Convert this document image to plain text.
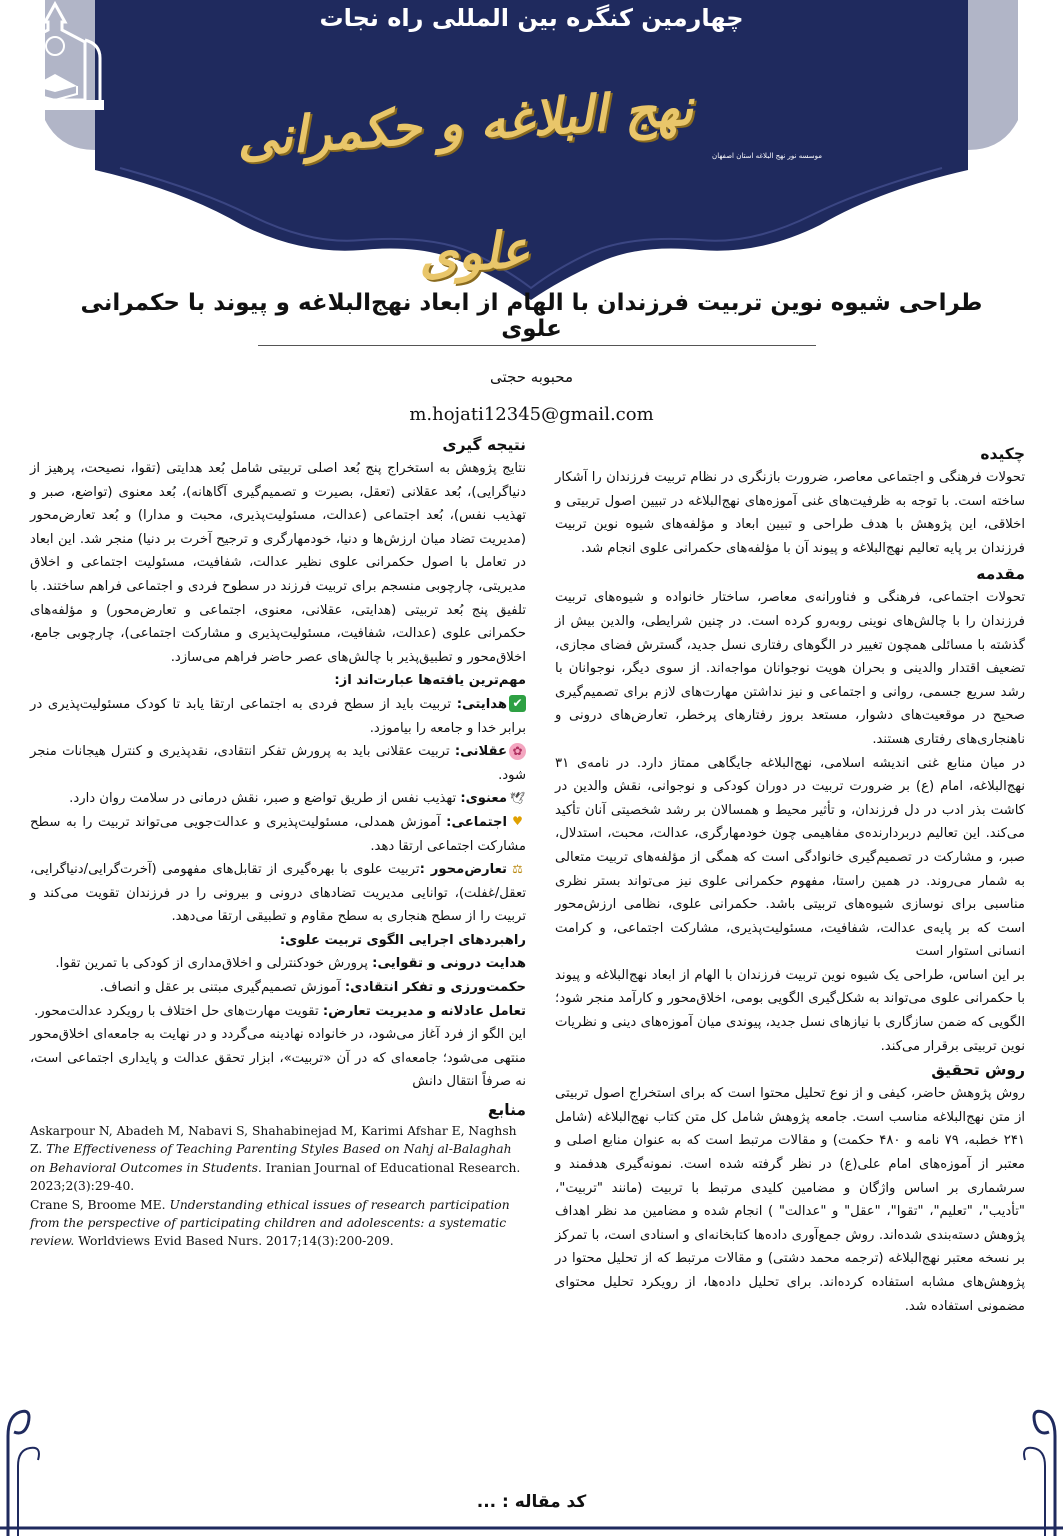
چهارمین کنگره بین المللی راه نجات
نهج البلاغه و حکمرانی علوی
موسسه نور نهج البلاغه استان اصفهان
طراحی شیوه نوین تربیت فرزندان با الهام از ابعاد نهج‌البلاغه و پیوند با حکمرانی علوی
محبوبه حجتی
m.hojati12345@gmail.com
چکیده

تحولات فرهنگی و اجتماعی معاصر، ضرورت بازنگری در نظام تربیت فرزندان را آشکار ساخته است. با توجه به ظرفیت‌های غنی آموزه‌های نهج‌البلاغه در تبیین اصول تربیتی و اخلاقی، این پژوهش با هدف طراحی و تبیین ابعاد و مؤلفه‌های شیوه نوین تربیت فرزندان بر پایه تعالیم نهج‌البلاغه و پیوند آن با مؤلفه‌های حکمرانی علوی انجام شد.

مقدمه

تحولات اجتماعی، فرهنگی و فناورانه‌ی معاصر، ساختار خانواده و شیوه‌های تربیت فرزندان را با چالش‌های نوینی روبه‌رو کرده است. در چنین شرایطی، والدین بیش از گذشته با مسائلی همچون تغییر در الگوهای رفتاری نسل جدید، گسترش فضای مجازی، تضعیف اقتدار والدینی و بحران هویت نوجوانان مواجه‌اند. از سوی دیگر، نوجوانان با رشد سریع جسمی، روانی و اجتماعی و نیز نداشتن مهارت‌های لازم برای تصمیم‌گیری صحیح در موقعیت‌های دشوار، مستعد بروز رفتارهای پرخطر، تعارض‌های درونی و ناهنجاری‌های رفتاری هستند.

در میان منابع غنی اندیشه اسلامی، نهج‌البلاغه جایگاهی ممتاز دارد. در نامه‌ی ۳۱ نهج‌البلاغه، امام (ع) بر ضرورت تربیت در دوران کودکی و نوجوانی، نقش والدین در کاشت بذر ادب در دل فرزندان، و تأثیر محیط و همسالان بر رشد شخصیتی آنان تأکید می‌کند. این تعالیم دربردارنده‌ی مفاهیمی چون خودمهارگری، عدالت، محبت، استدلال، صبر، و مشارکت در تصمیم‌گیری خانوادگی است که همگی از مؤلفه‌های تربیت متعالی به شمار می‌روند. در همین راستا، مفهوم حکمرانی علوی نیز می‌تواند بستر نظری مناسبی برای نوسازی شیوه‌های تربیتی باشد. حکمرانی علوی، نظامی ارزش‌محور است که بر پایه‌ی عدالت، شفافیت، مسئولیت‌پذیری، مشارکت اجتماعی، و کرامت انسانی استوار است

بر این اساس، طراحی یک شیوه نوین تربیت فرزندان با الهام از ابعاد نهج‌البلاغه و پیوند با حکمرانی علوی می‌تواند به شکل‌گیری الگویی بومی، اخلاق‌محور و کارآمد منجر شود؛ الگویی که ضمن سازگاری با نیازهای نسل جدید، پیوندی میان آموزه‌های دینی و نظریات نوین تربیتی برقرار می‌کند.

روش تحقیق

روش پژوهش حاضر، کیفی و از نوع تحلیل محتوا است که برای استخراج اصول تربیتی از متن نهج‌البلاغه مناسب است. جامعه پژوهش شامل کل متن کتاب نهج‌البلاغه (شامل ۲۴۱ خطبه، ۷۹ نامه و ۴۸۰ حکمت) و مقالات مرتبط است که به عنوان منابع اصلی و معتبر از آموزه‌های امام علی(ع) در نظر گرفته شده است. نمونه‌گیری هدفمند و سرشماری بر اساس واژگان و مضامین کلیدی مرتبط با تربیت (مانند "تربیت"، "تأدیب"، "تعلیم"، "تقوا"، "عقل" و "عدالت" ) انجام شده و مضامین مد نظر اهداف پژوهش دسته‌بندی شده‌اند. روش جمع‌آوری داده‌ها کتابخانه‌ای و اسنادی است، با تمرکز بر نسخه معتبر نهج‌البلاغه (ترجمه محمد دشتی) و مقالات مرتبط که از تحلیل محتوا در پژوهش‌های مشابه استفاده کرده‌اند. برای تحلیل داده‌ها، از رویکرد تحلیل محتوای مضمونی استفاده شد.

نتیجه گیری

نتایج پژوهش به استخراج پنج بُعد اصلی تربیتی شامل بُعد هدایتی (تقوا، نصیحت، پرهیز از دنیاگرایی)، بُعد عقلانی (تعقل، بصیرت و تصمیم‌گیری آگاهانه)، بُعد معنوی (تواضع، صبر و تهذیب نفس)، بُعد اجتماعی (عدالت، مسئولیت‌پذیری، محبت و مدارا) و بُعد تعارض‌محور (مدیریت تضاد میان ارزش‌ها و دنیا، خودمهارگری و ترجیح آخرت بر دنیا) منجر شد. این ابعاد در تعامل با اصول حکمرانی علوی نظیر عدالت، شفافیت، مسئولیت اجتماعی و اخلاق مدیریتی، چارچوبی منسجم برای تربیت فرزند در سطوح فردی و اجتماعی فراهم ساختند. با تلفیق پنج بُعد تربیتی (هدایتی، عقلانی، معنوی، اجتماعی و تعارض‌محور) و مؤلفه‌های حکمرانی علوی (عدالت، شفافیت، مسئولیت‌پذیری و مشارکت اجتماعی)، چارچوبی جامع، اخلاق‌محور و تطبیق‌پذیر با چالش‌های عصر حاضر فراهم می‌سازد.

مهم‌ترین یافته‌ها عبارت‌اند از:

✔هدایتی: تربیت باید از سطح فردی به اجتماعی ارتقا یابد تا کودک مسئولیت‌پذیری در برابر خدا و جامعه را بیاموزد.

✿عقلانی: تربیت عقلانی باید به پرورش تفکر انتقادی، نقدپذیری و کنترل هیجانات منجر شود.

🕊معنوی: تهذیب نفس از طریق تواضع و صبر، نقش درمانی در سلامت روان دارد.

♥اجتماعی: آموزش همدلی، مسئولیت‌پذیری و عدالت‌جویی می‌تواند تربیت را به سطح مشارکت اجتماعی ارتقا دهد.

⚖تعارض‌محور :تربیت علوی با بهره‌گیری از تقابل‌های مفهومی (آخرت‌گرایی/دنیاگرایی، تعقل/غفلت)، توانایی مدیریت تضادهای درونی و بیرونی را در فرزندان تقویت می‌کند و تربیت را از سطح هنجاری به سطح مقاوم و تطبیقی ارتقا می‌دهد.

راهبردهای اجرایی الگوی تربیت علوی:

هدایت درونی و تقوایی: پرورش خودکنترلی و اخلاق‌مداری از کودکی با تمرین تقوا.

حکمت‌ورزی و تفکر انتقادی: آموزش تصمیم‌گیری مبتنی بر عقل و انصاف.

تعامل عادلانه و مدیریت تعارض: تقویت مهارت‌های حل اختلاف با رویکرد عدالت‌محور.

این الگو از فرد آغاز می‌شود، در خانواده نهادینه می‌گردد و در نهایت به جامعه‌ای اخلاق‌محور منتهی می‌شود؛ جامعه‌ای که در آن «تربیت»، ابزار تحقق عدالت و پایداری اجتماعی است، نه صرفاً انتقال دانش

منابع

Askarpour N, Abadeh M, Nabavi S, Shahabinejad M, Karimi Afshar E, Naghsh Z. The Effectiveness of Teaching Parenting Styles Based on Nahj al-Balaghah on Behavioral Outcomes in Students. Iranian Journal of Educational Research. 2023;2(3):29-40.

Crane S, Broome ME. Understanding ethical issues of research participation from the perspective of participating children and adolescents: a systematic review. Worldviews Evid Based Nurs. 2017;14(3):200-209.

کد مقاله : ...
